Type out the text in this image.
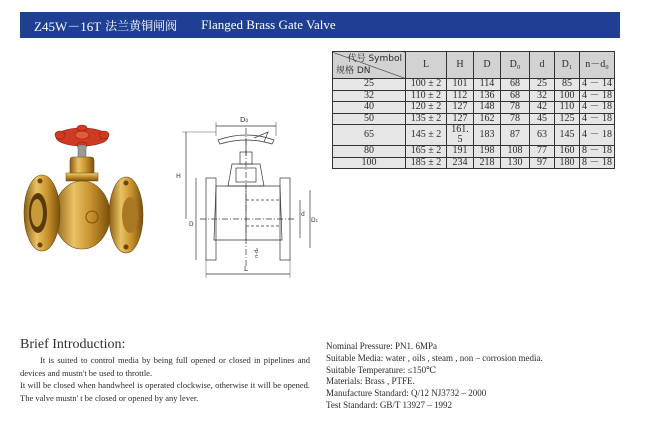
Z45W－16T 法兰黄铜闸阀 Flanged Brass Gate Valve
D₀
H
D
d
D₁
L
n-d₀
代号 Symbol
规格 DN	L	H	D	D₀	d	D₁	n－d₀
25	100 ± 2	101	114	68	25	85	4 － 14
32	110 ± 2	112	136	68	32	100	4 － 18
40	120 ± 2	127	148	78	42	110	4 － 18
50	135 ± 2	127	162	78	45	125	4 － 18
65	145 ± 2	161. 5	183	87	63	145	4 － 18
80	165 ± 2	191	198	108	77	160	8 － 18
100	185 ± 2	234	218	130	97	180	8 － 18
Brief Introduction:

It is suited to control media by being full opened or closed in pipelines and devices and mustn't be used to throttle.

It will be closed when handwheel is operated clockwise, otherwise it will be opened. The valve mustn' t be closed or opened by any lever.

Nominal Pressure: PN1. 6MPa
Suitable Media: water , oils , steam , non – corrosion media.
Suitable Temperature: ≤150℃
Materials: Brass , PTFE.
Manufacture Standard: Q/12 NJ3732 – 2000
Test Standard: GB/T 13927 – 1992
